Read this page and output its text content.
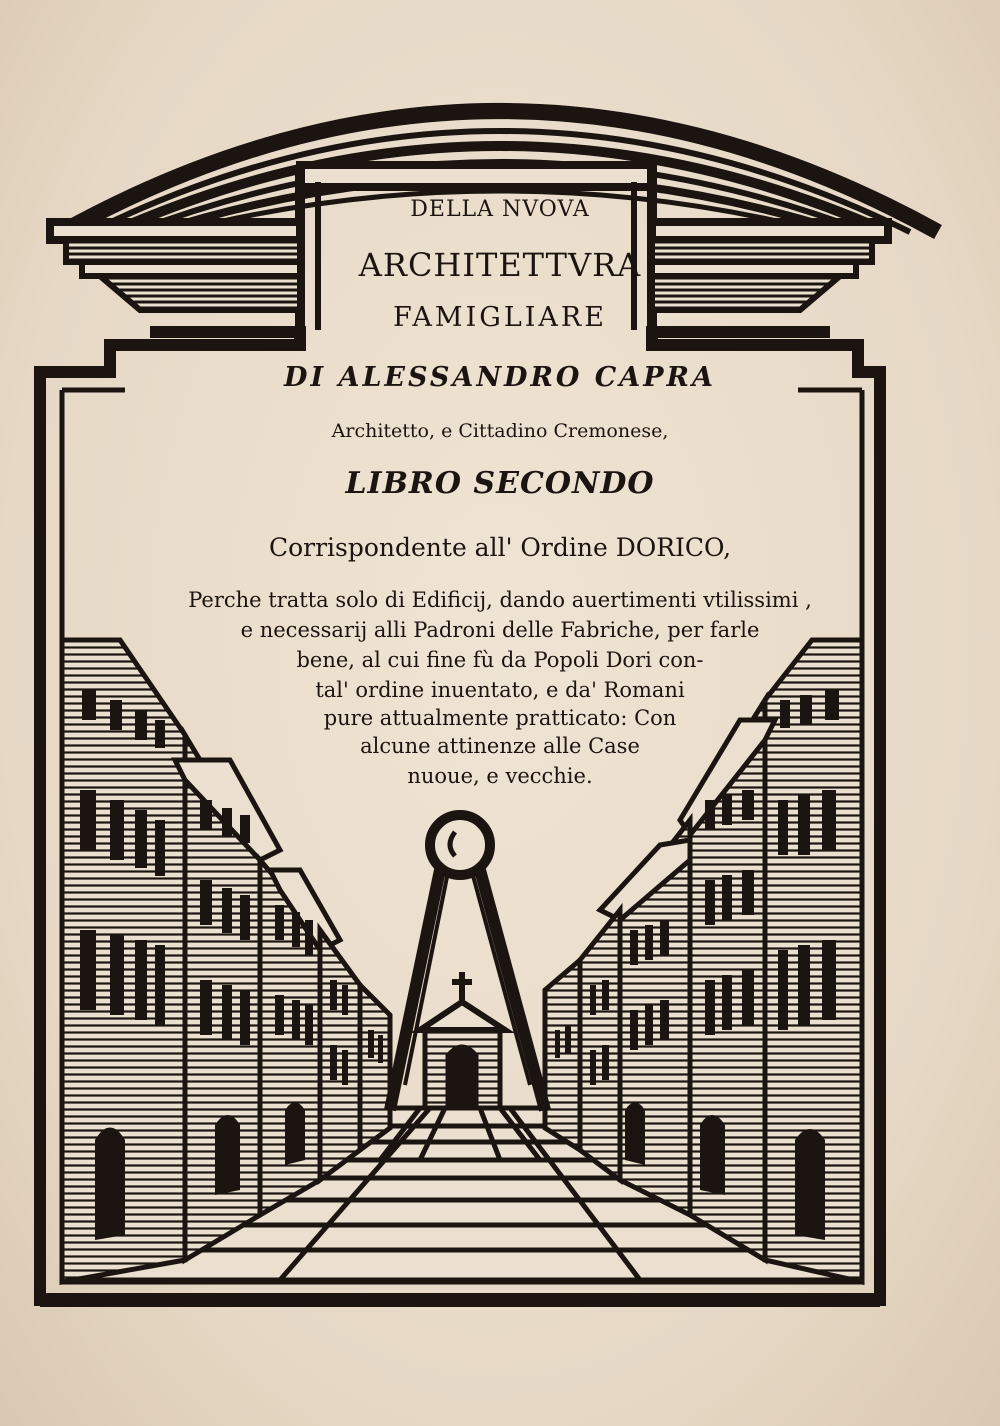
DELLA NVOVA
ARCHITETTVRA
FAMIGLIARE
DI ALESSANDRO CAPRA
Architetto, e Cittadino Cremonese,
LIBRO SECONDO
Corrispondente all' Ordine DORICO,
Perche tratta solo di Edificij, dando auertimenti vtilissimi ,
e necessarij alli Padroni delle Fabriche, per farle
bene, al cui fine fù da Popoli Dori con-
tal' ordine inuentato, e da' Romani
pure attualmente pratticato: Con
alcune attinenze alle Case
nuoue, e vecchie.
